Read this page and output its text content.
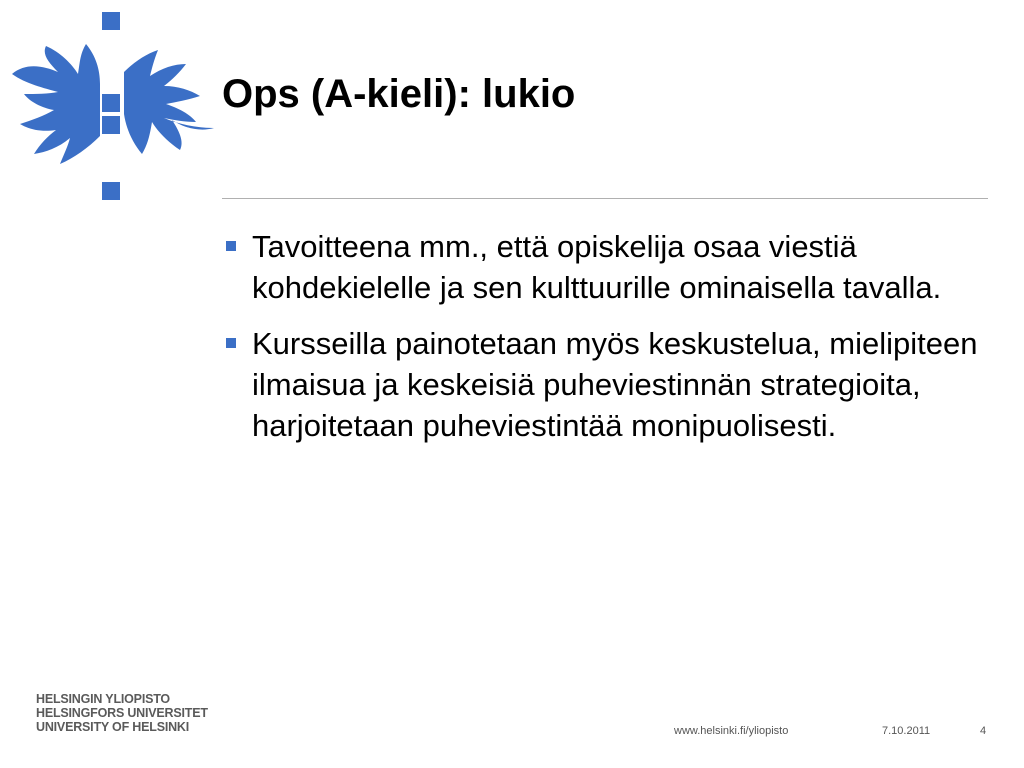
Ops (A-kieli): lukio
Tavoitteena mm., että opiskelija osaa viestiä kohdekielelle ja sen kulttuurille ominaisella tavalla.
Kursseilla painotetaan myös keskustelua, mielipiteen ilmaisua ja keskeisiä puheviestinnän strategioita, harjoitetaan puheviestintää monipuolisesti.
HELSINGIN YLIOPISTO
HELSINGFORS UNIVERSITET
UNIVERSITY OF HELSINKI	www.helsinki.fi/yliopisto	7.10.2011	4
